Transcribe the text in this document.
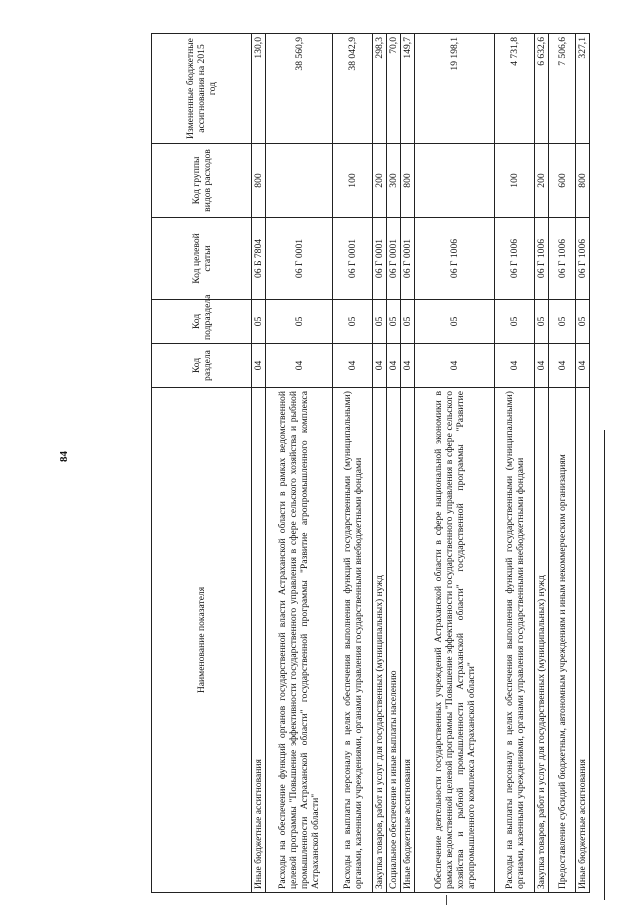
84
Наименование показателя	Код раздела	Код подраздела	Код целевой статьи	Код группы видов расходов	Измененные бюджетные ассигнования на 2015 год
Иные бюджетные ассигнования	04	05	06 Б 7804	800	130,0
Расходы на обеспечение функций органов государственной власти Астраханской области в рамках ведомственной целевой программы "Повышение эффективности государственного управления в сфере сельского хозяйства и рыбной промышленности Астраханской области" государственной программы "Развитие агропромышленного комплекса Астраханской области"	04	05	06 Г 0001		38 560,9
Расходы на выплаты персоналу в целях обеспечения выполнения функций государственными (муниципальными) органами, казенными учреждениями, органами управления государственными внебюджетными фондами	04	05	06 Г 0001	100	38 042,9
Закупка товаров, работ и услуг для государственных (муниципальных) нужд	04	05	06 Г 0001	200	298,3
Социальное обеспечение и иные выплаты населению	04	05	06 Г 0001	300	70,0
Иные бюджетные ассигнования	04	05	06 Г 0001	800	149,7
Обеспечение деятельности государственных учреждений Астраханской области в сфере национальной экономики в рамках ведомственной целевой программы "Повышение эффективности государственного управления в сфере сельского хозяйства и рыбной промышленности Астраханской области" государственной программы "Развитие агропромышленного комплекса Астраханской области"	04	05	06 Г 1006		19 198,1
Расходы на выплаты персоналу в целях обеспечения выполнения функций государственными (муниципальными) органами, казенными учреждениями, органами управления государственными внебюджетными фондами	04	05	06 Г 1006	100	4 731,8
Закупка товаров, работ и услуг для государственных (муниципальных) нужд	04	05	06 Г 1006	200	6 632,6
Предоставление субсидий бюджетным, автономным учреждениям и иным некоммерческим организациям	04	05	06 Г 1006	600	7 506,6
Иные бюджетные ассигнования	04	05	06 Г 1006	800	327,1
